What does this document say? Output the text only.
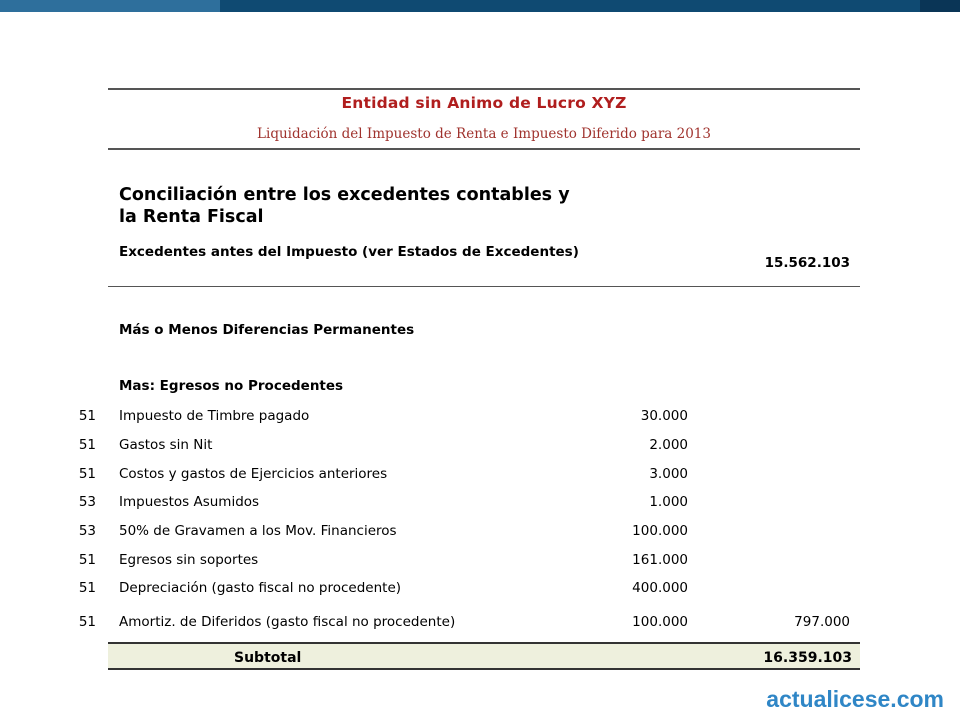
Entidad sin Animo de Lucro XYZ
Liquidación del Impuesto de Renta e Impuesto Diferido para 2013
Conciliación entre los excedentes contables y la Renta Fiscal
Excedentes antes del Impuesto (ver Estados de Excedentes)
15.562.103
Más o Menos Diferencias Permanentes
Mas: Egresos no Procedentes
51 Impuesto de Timbre pagado	30.000
51 Gastos sin Nit	2.000
51 Costos y gastos de Ejercicios anteriores	3.000
53 Impuestos Asumidos	1.000
53 50% de Gravamen a los Mov. Financieros	100.000
51 Egresos sin soportes	161.000
51 Depreciación (gasto fiscal no procedente)	400.000
51 Amortiz. de Diferidos (gasto fiscal no procedente)	100.000	797.000
Subtotal	16.359.103
actualicese.com
